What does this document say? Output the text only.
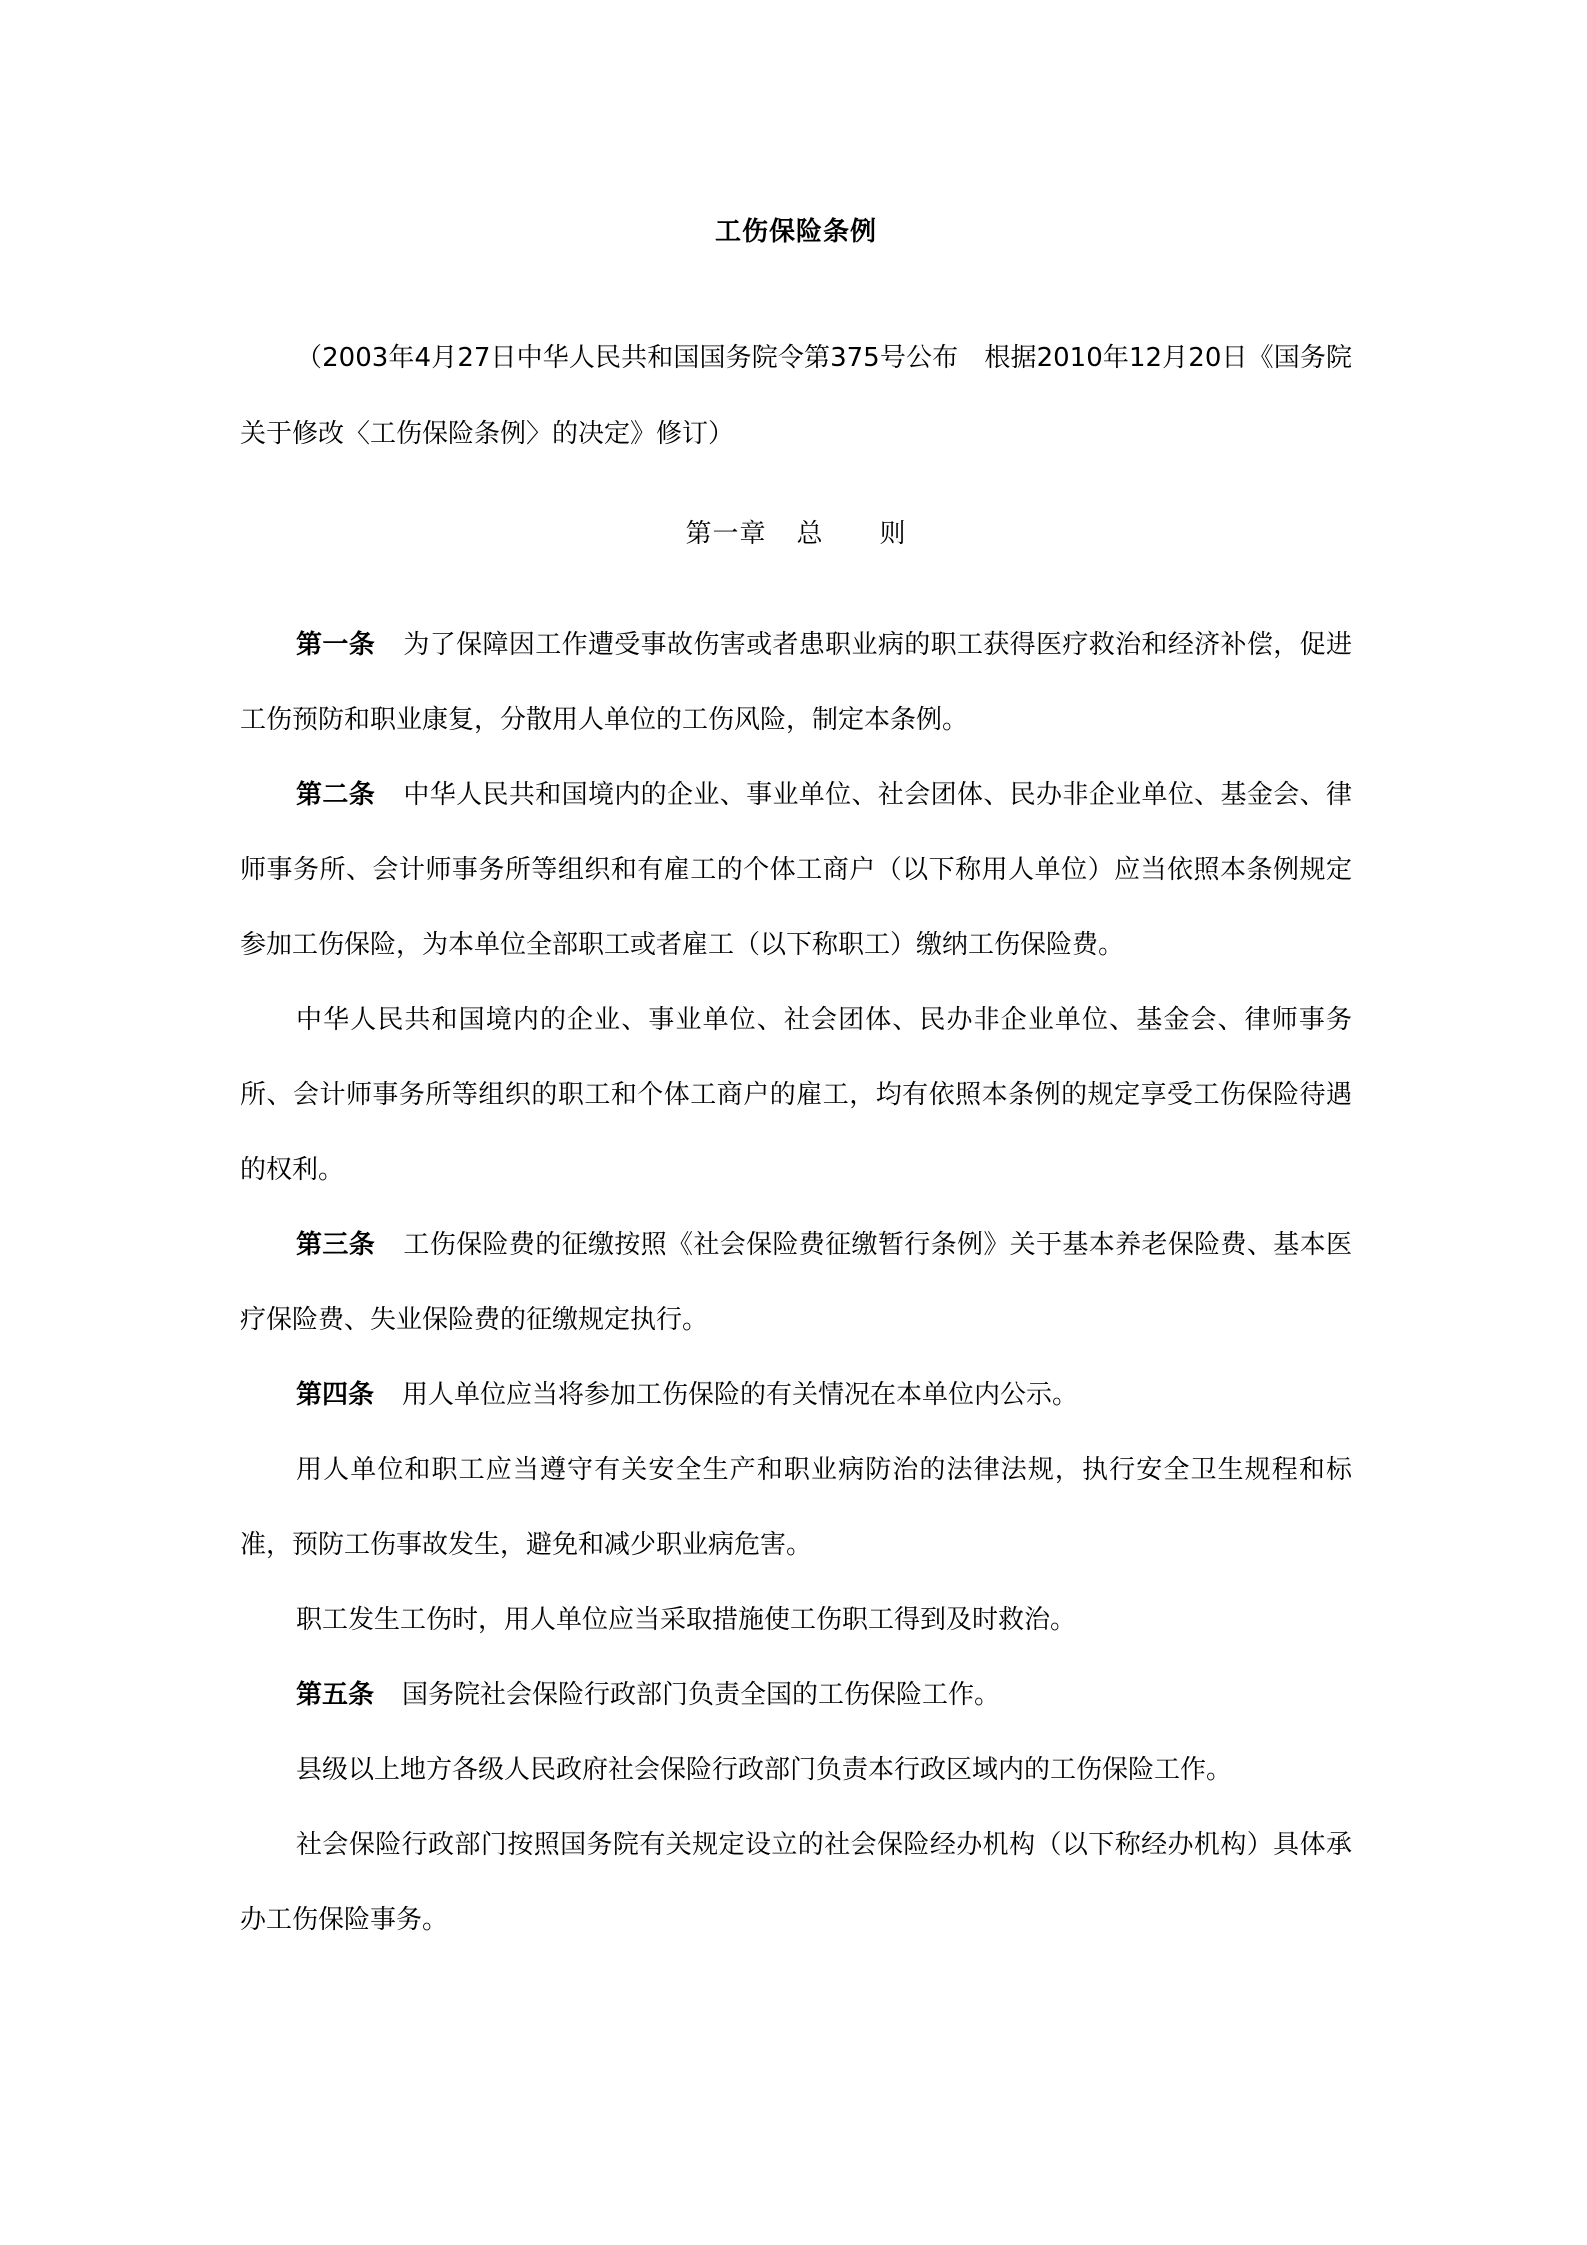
工伤保险条例

（2003年4月27日中华人民共和国国务院令第375号公布　根据2010年12月20日《国务院关于修改〈工伤保险条例〉的决定》修订）

第一章 总 则

第一条 为了保障因工作遭受事故伤害或者患职业病的职工获得医疗救治和经济补偿，促进工伤预防和职业康复，分散用人单位的工伤风险，制定本条例。

第二条 中华人民共和国境内的企业、事业单位、社会团体、民办非企业单位、基金会、律师事务所、会计师事务所等组织和有雇工的个体工商户（以下称用人单位）应当依照本条例规定参加工伤保险，为本单位全部职工或者雇工（以下称职工）缴纳工伤保险费。

中华人民共和国境内的企业、事业单位、社会团体、民办非企业单位、基金会、律师事务所、会计师事务所等组织的职工和个体工商户的雇工，均有依照本条例的规定享受工伤保险待遇的权利。

第三条 工伤保险费的征缴按照《社会保险费征缴暂行条例》关于基本养老保险费、基本医疗保险费、失业保险费的征缴规定执行。

第四条 用人单位应当将参加工伤保险的有关情况在本单位内公示。

用人单位和职工应当遵守有关安全生产和职业病防治的法律法规，执行安全卫生规程和标准，预防工伤事故发生，避免和减少职业病危害。

职工发生工伤时，用人单位应当采取措施使工伤职工得到及时救治。

第五条 国务院社会保险行政部门负责全国的工伤保险工作。

县级以上地方各级人民政府社会保险行政部门负责本行政区域内的工伤保险工作。

社会保险行政部门按照国务院有关规定设立的社会保险经办机构（以下称经办机构）具体承办工伤保险事务。
